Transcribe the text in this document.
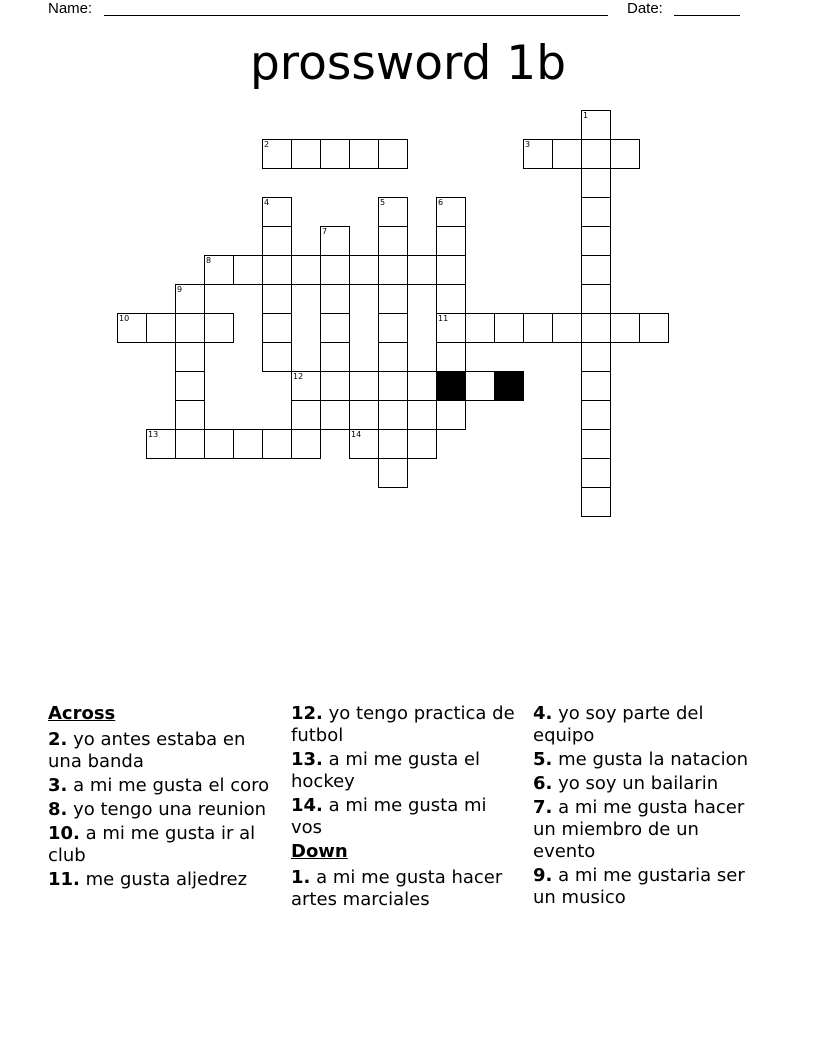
Name:	Date:
prossword 1b
2	3
8
10	11
12
13	14
1
4	5	6
7
9
Across
2. yo antes estaba en una banda
3. a mi me gusta el coro
8. yo tengo una reunion
10. a mi me gusta ir al club
11. me gusta aljedrez
12. yo tengo practica de futbol
13. a mi me gusta el hockey
14. a mi me gusta mi vos
Down
1. a mi me gusta hacer artes marciales
4. yo soy parte del equipo
5. me gusta la natacion
6. yo soy un bailarin
7. a mi me gusta hacer un miembro de un evento
9. a mi me gustaria ser un musico
